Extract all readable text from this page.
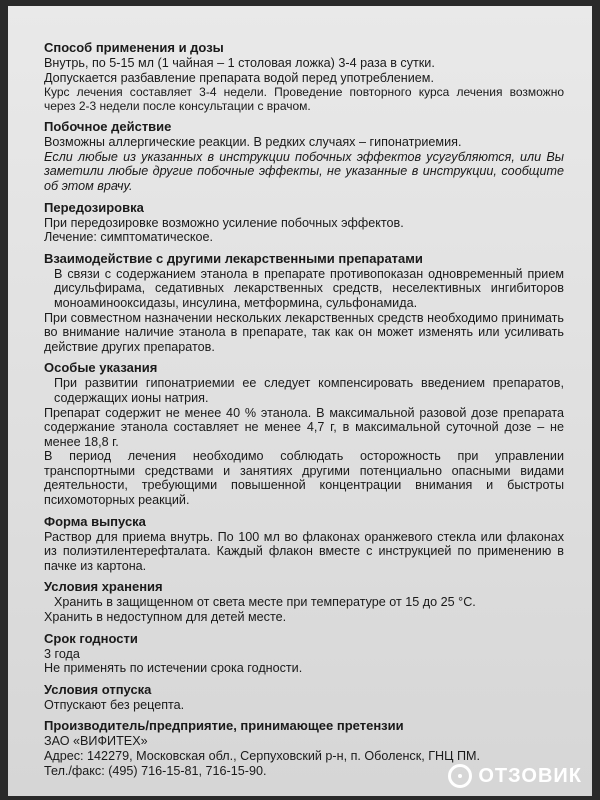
Способ применения и дозы

Внутрь, по 5-15 мл (1 чайная – 1 столовая ложка) 3-4 раза в сутки.

Допускается разбавление препарата водой перед употреблением.

Курс лечения составляет 3-4 недели. Проведение повторного курса лечения возможно через 2-3 недели после консультации с врачом.

Побочное действие

Возможны аллергические реакции. В редких случаях – гипонатриемия.

Если любые из указанных в инструкции побочных эффектов усугубляются, или Вы заметили любые другие побочные эффекты, не указанные в инструкции, сообщите об этом врачу.

Передозировка

При передозировке возможно усиление побочных эффектов.

Лечение: симптоматическое.

Взаимодействие с другими лекарственными препаратами

В связи с содержанием этанола в препарате противопоказан одновременный прием дисульфирама, седативных лекарственных средств, неселективных ингибиторов моноаминооксидазы, инсулина, метформина, сульфонамида.

При совместном назначении нескольких лекарственных средств необходимо принимать во внимание наличие этанола в препарате, так как он может изменять или усиливать действие других препаратов.

Особые указания

При развитии гипонатриемии ее следует компенсировать введением препаратов, содержащих ионы натрия.

Препарат содержит не менее 40 % этанола. В максимальной разовой дозе препарата содержание этанола составляет не менее 4,7 г, в максимальной суточной дозе – не менее 18,8 г.

В период лечения необходимо соблюдать осторожность при управлении транспортными средствами и занятиях другими потенциально опасными видами деятельности, требующими повышенной концентрации внимания и быстроты психомоторных реакций.

Форма выпуска

Раствор для приема внутрь. По 100 мл во флаконах оранжевого стекла или флаконах из полиэтилентерефталата. Каждый флакон вместе с инструкцией по применению в пачке из картона.

Условия хранения

Хранить в защищенном от света месте при температуре от 15 до 25 °С.

Хранить в недоступном для детей месте.

Срок годности

3 года

Не применять по истечении срока годности.

Условия отпуска

Отпускают без рецепта.

Производитель/предприятие, принимающее претензии

ЗАО «ВИФИТЕХ»

Адрес: 142279, Московская обл., Серпуховский р-н, п. Оболенск, ГНЦ ПМ.

Тел./факс: (495) 716-15-81, 716-15-90.	ОТЗОВИК
